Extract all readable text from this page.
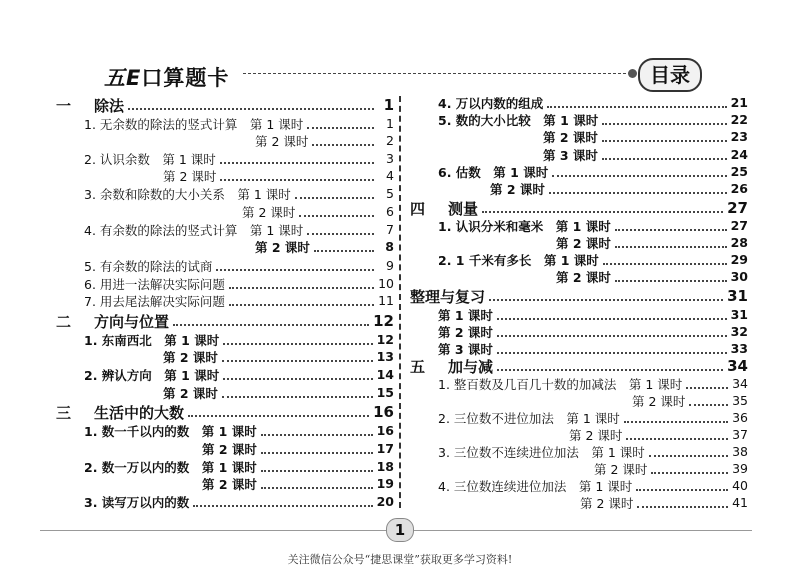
五E口算题卡	目录
一 除法	1
1. 无余数的除法的竖式计算　第 1 课时	1
第 2 课时	2
2. 认识余数　第 1 课时	3
第 2 课时	4
3. 余数和除数的大小关系　第 1 课时	5
第 2 课时	6
4. 有余数的除法的竖式计算　第 1 课时	7
第 2 课时	8
5. 有余数的除法的试商	9
6. 用进一法解决实际问题	10
7. 用去尾法解决实际问题	11
二 方向与位置	12
1. 东南西北　第 1 课时	12
第 2 课时	13
2. 辨认方向　第 1 课时	14
第 2 课时	15
三 生活中的大数	16
1. 数一千以内的数　第 1 课时	16
第 2 课时	17
2. 数一万以内的数　第 1 课时	18
第 2 课时	19
3. 读写万以内的数	20
4. 万以内数的组成	21
5. 数的大小比较　第 1 课时	22
第 2 课时	23
第 3 课时	24
6. 估数　第 1 课时	25
第 2 课时	26
四 测量	27
1. 认识分米和毫米　第 1 课时	27
第 2 课时	28
2. 1 千米有多长　第 1 课时	29
第 2 课时	30
整理与复习	31
第 1 课时	31
第 2 课时	32
第 3 课时	33
五 加与减	34
1. 整百数及几百几十数的加减法　第 1 课时	34
第 2 课时	35
2. 三位数不进位加法　第 1 课时	36
第 2 课时	37
3. 三位数不连续进位加法　第 1 课时	38
第 2 课时	39
4. 三位数连续进位加法　第 1 课时	40
第 2 课时	41
1
关注微信公众号“捷思课堂”获取更多学习资料!
